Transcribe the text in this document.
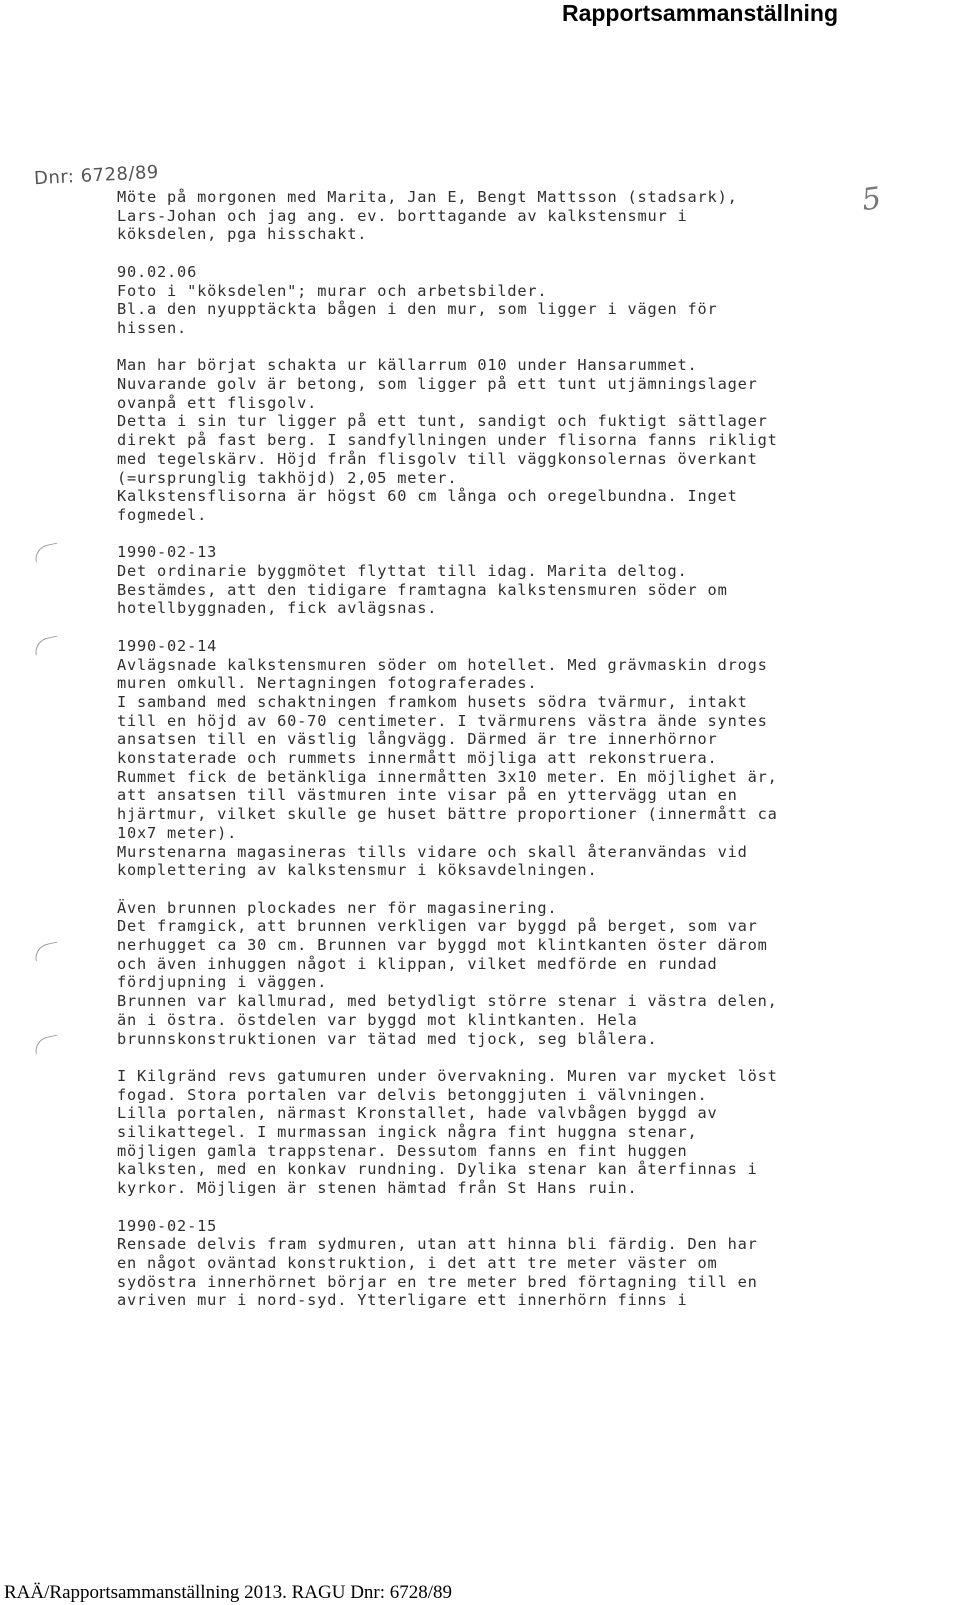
Rapportsammanställning
Dnr: 6728/89
5
Möte på morgonen med Marita, Jan E, Bengt Mattsson (stadsark),
Lars-Johan och jag ang. ev. borttagande av kalkstensmur i
köksdelen, pga hisschakt.
90.02.06
Foto i "köksdelen"; murar och arbetsbilder.
Bl.a den nyupptäckta bågen i den mur, som ligger i vägen för
hissen.
Man har börjat schakta ur källarrum 010 under Hansarummet.
Nuvarande golv är betong, som ligger på ett tunt utjämningslager
ovanpå ett flisgolv.
Detta i sin tur ligger på ett tunt, sandigt och fuktigt sättlager
direkt på fast berg. I sandfyllningen under flisorna fanns rikligt
med tegelskärv. Höjd från flisgolv till väggkonsolernas överkant
(=ursprunglig takhöjd) 2,05 meter.
Kalkstensflisorna är högst 60 cm långa och oregelbundna. Inget
fogmedel.
1990-02-13
Det ordinarie byggmötet flyttat till idag. Marita deltog.
Bestämdes, att den tidigare framtagna kalkstensmuren söder om
hotellbyggnaden, fick avlägsnas.
1990-02-14
Avlägsnade kalkstensmuren söder om hotellet. Med grävmaskin drogs
muren omkull. Nertagningen fotograferades.
I samband med schaktningen framkom husets södra tvärmur, intakt
till en höjd av 60-70 centimeter. I tvärmurens västra ände syntes
ansatsen till en västlig långvägg. Därmed är tre innerhörnor
konstaterade och rummets innermått möjliga att rekonstruera.
Rummet fick de betänkliga innermåtten 3x10 meter. En möjlighet är,
att ansatsen till västmuren inte visar på en yttervägg utan en
hjärtmur, vilket skulle ge huset bättre proportioner (innermått ca
10x7 meter).
Murstenarna magasineras tills vidare och skall återanvändas vid
komplettering av kalkstensmur i köksavdelningen.
Även brunnen plockades ner för magasinering.
Det framgick, att brunnen verkligen var byggd på berget, som var
nerhugget ca 30 cm. Brunnen var byggd mot klintkanten öster därom
och även inhuggen något i klippan, vilket medförde en rundad
fördjupning i väggen.
Brunnen var kallmurad, med betydligt större stenar i västra delen,
än i östra. östdelen var byggd mot klintkanten. Hela
brunnskonstruktionen var tätad med tjock, seg blålera.
I Kilgränd revs gatumuren under övervakning. Muren var mycket löst
fogad. Stora portalen var delvis betonggjuten i välvningen.
Lilla portalen, närmast Kronstallet, hade valvbågen byggd av
silikattegel. I murmassan ingick några fint huggna stenar,
möjligen gamla trappstenar. Dessutom fanns en fint huggen
kalksten, med en konkav rundning. Dylika stenar kan återfinnas i
kyrkor. Möjligen är stenen hämtad från St Hans ruin.
1990-02-15
Rensade delvis fram sydmuren, utan att hinna bli färdig. Den har
en något oväntad konstruktion, i det att tre meter väster om
sydöstra innerhörnet börjar en tre meter bred förtagning till en
avriven mur i nord-syd. Ytterligare ett innerhörn finns i
RAÄ/Rapportsammanställning 2013. RAGU Dnr: 6728/89
